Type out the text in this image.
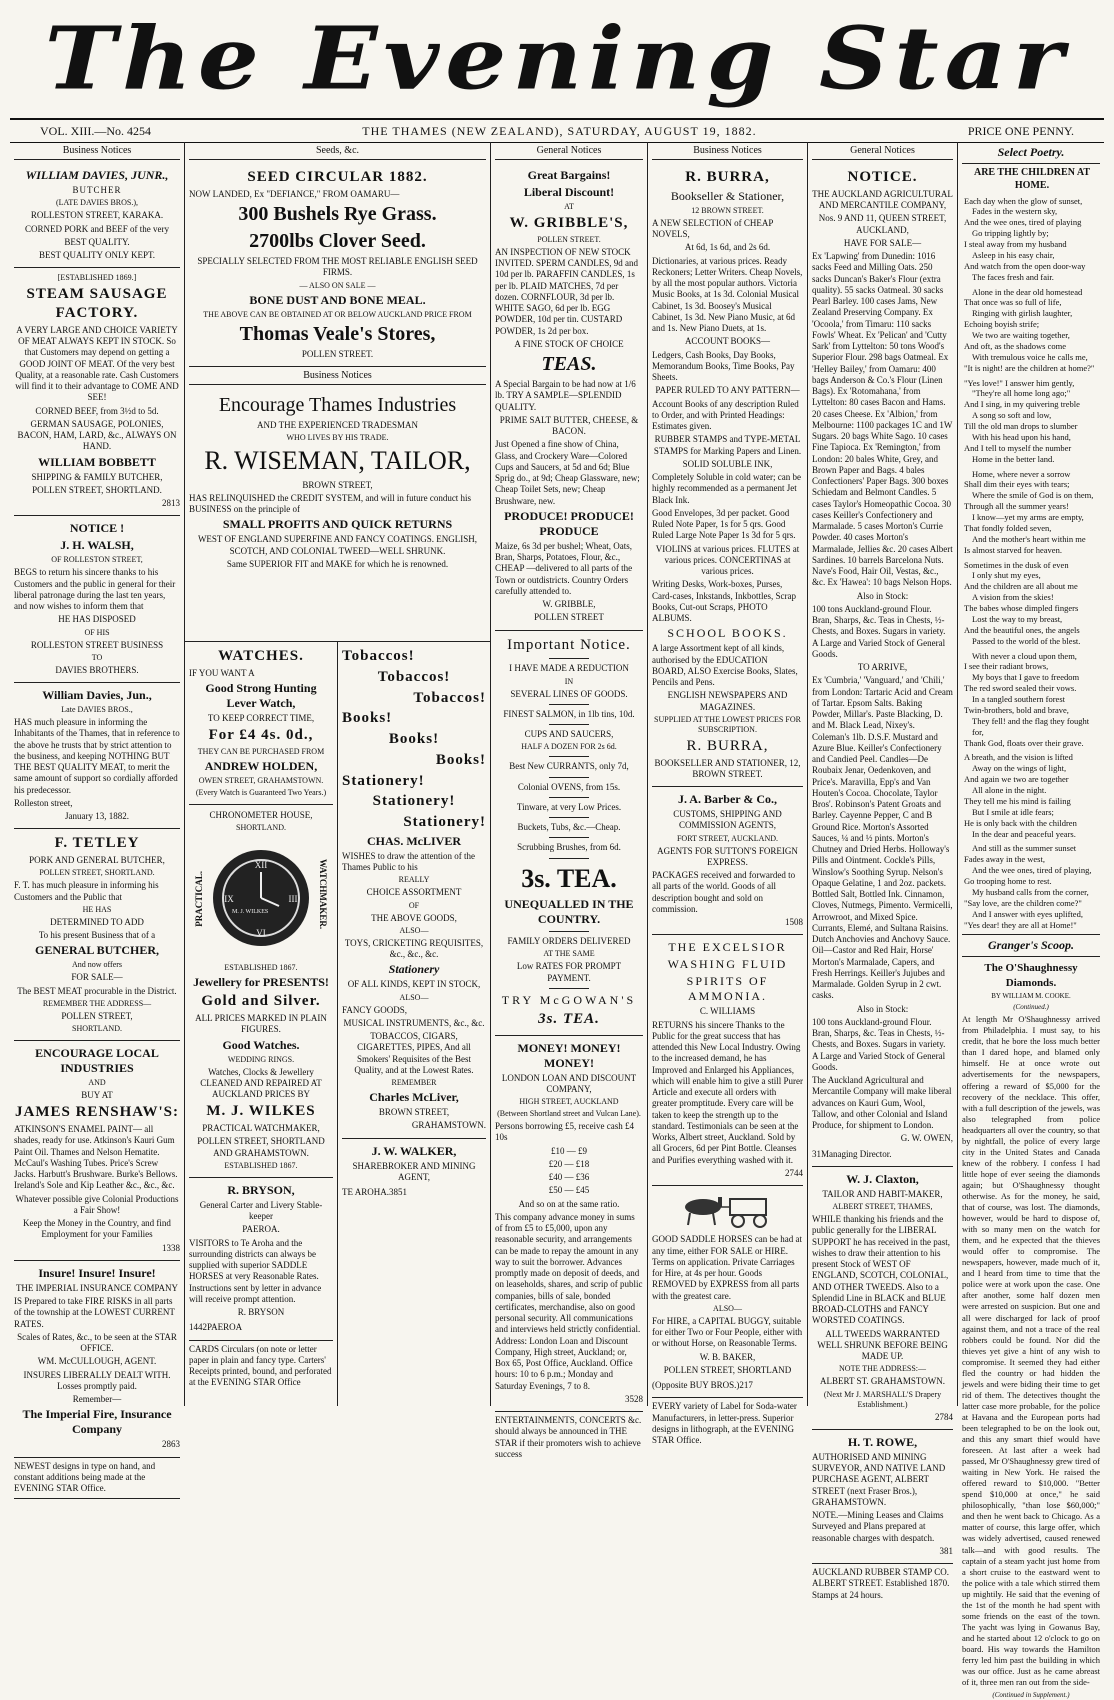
The Evening Star
VOL. XIII.—No. 4254	THE THAMES (NEW ZEALAND), SATURDAY, AUGUST 19, 1882.	PRICE ONE PENNY.
Business Notices

WILLIAM DAVIES, JUNR.,

BUTCHER

(LATE DAVIES BROS.),

ROLLESTON STREET, KARAKA.

CORNED PORK and BEEF of the very

BEST QUALITY.

BEST QUALITY ONLY KEPT.

[ESTABLISHED 1869.]

STEAM SAUSAGE FACTORY.

A VERY LARGE AND CHOICE VARIETY OF MEAT ALWAYS KEPT IN STOCK. So that Customers may depend on getting a GOOD JOINT OF MEAT. Of the very best Quality, at a reasonable rate. Cash Customers will find it to their advantage to COME AND SEE!

CORNED BEEF, from 3½d to 5d.

GERMAN SAUSAGE, POLONIES, BACON, HAM, LARD, &c., ALWAYS ON HAND.

WILLIAM BOBBETT

SHIPPING & FAMILY BUTCHER,

POLLEN STREET, SHORTLAND.

2813

NOTICE !

J. H. WALSH,

OF ROLLESTON STREET,

BEGS to return his sincere thanks to his Customers and the public in general for their liberal patronage during the last ten years, and now wishes to inform them that

HE HAS DISPOSED

OF HIS

ROLLESTON STREET BUSINESS

TO

DAVIES BROTHERS.

William Davies, Jun.,

Late DAVIES BROS.,

HAS much pleasure in informing the Inhabitants of the Thames, that in reference to the above he trusts that by strict attention to the business, and keeping NOTHING BUT THE BEST QUALITY MEAT, to merit the same amount of support so cordially afforded his predecessor.

Rolleston street,

January 13, 1882.

F. TETLEY

PORK AND GENERAL BUTCHER,

POLLEN STREET, SHORTLAND.

F. T. has much pleasure in informing his Customers and the Public that

HE HAS

DETERMINED TO ADD

To his present Business that of a

GENERAL BUTCHER,

And now offers

FOR SALE—

The BEST MEAT procurable in the District.

REMEMBER THE ADDRESS—

POLLEN STREET,

SHORTLAND.

ENCOURAGE LOCAL INDUSTRIES

AND

BUY AT

JAMES RENSHAW'S:

ATKINSON'S ENAMEL PAINT— all shades, ready for use. Atkinson's Kauri Gum Paint Oil. Thames and Nelson Hematite. McCaul's Washing Tubes. Price's Screw Jacks. Harbutt's Brushware. Burke's Bellows. Ireland's Sole and Kip Leather &c., &c., &c.

Whatever possible give Colonial Productions a Fair Show!

Keep the Money in the Country, and find Employment for your Families

1338

Insure! Insure! Insure!

THE IMPERIAL INSURANCE COMPANY

IS Prepared to take FIRE RISKS in all parts of the township at the LOWEST CURRENT RATES.

Scales of Rates, &c., to be seen at the STAR OFFICE.

WM. McCULLOUGH, AGENT.

INSURES LIBERALLY DEALT WITH. Losses promptly paid.

Remember—

The Imperial Fire, Insurance Company

2863

NEWEST designs in type on hand, and constant additions being made at the EVENING STAR Office.
Seeds, &c.

SEED CIRCULAR 1882.

NOW LANDED, Ex "DEFIANCE," FROM OAMARU—

300 Bushels Rye Grass.

2700lbs Clover Seed.

SPECIALLY SELECTED FROM THE MOST RELIABLE ENGLISH SEED FIRMS.

— ALSO ON SALE —

BONE DUST AND BONE MEAL.

THE ABOVE CAN BE OBTAINED AT OR BELOW AUCKLAND PRICE FROM

Thomas Veale's Stores,

POLLEN STREET.

Business Notices

Encourage Thames Industries

AND THE EXPERIENCED TRADESMAN

WHO LIVES BY HIS TRADE.

R. WISEMAN, TAILOR,

BROWN STREET,

HAS RELINQUISHED the CREDIT SYSTEM, and will in future conduct his BUSINESS on the principle of

SMALL PROFITS AND QUICK RETURNS

WEST OF ENGLAND SUPERFINE AND FANCY COATINGS. ENGLISH, SCOTCH, AND COLONIAL TWEED—WELL SHRUNK.

Same SUPERIOR FIT and MAKE for which he is renowned.

WATCHES.

IF YOU WANT A

Good Strong Hunting Lever Watch,

TO KEEP CORRECT TIME,

For £4 4s. 0d.,

THEY CAN BE PURCHASED FROM

ANDREW HOLDEN,

OWEN STREET, GRAHAMSTOWN.

(Every Watch is Guaranteed Two Years.)

CHRONOMETER HOUSE,

SHORTLAND.

PRACTICAL.
XII
VI
IX	III
M. J. WILKES	WATCHMAKER.

ESTABLISHED 1867.

Jewellery for PRESENTS!

Gold and Silver.

ALL PRICES MARKED IN PLAIN FIGURES.

Good Watches.

WEDDING RINGS.

Watches, Clocks & Jewellery CLEANED AND REPAIRED AT AUCKLAND PRICES BY

M. J. WILKES

PRACTICAL WATCHMAKER,

POLLEN STREET, SHORTLAND AND GRAHAMSTOWN.

ESTABLISHED 1867.

R. BRYSON,

General Carter and Livery Stable-keeper

PAEROA.

VISITORS to Te Aroha and the surrounding districts can always be supplied with superior SADDLE HORSES at very Reasonable Rates. Instructions sent by letter in advance will receive prompt attention.

R. BRYSON

1442 PAEROA

CARDS Circulars (on note or letter paper in plain and fancy type. Carters' Receipts printed, bound, and perforated at the EVENING STAR Office

Tobaccos!

Tobaccos!

Tobaccos!

Books!

Books!

Books!

Stationery!

Stationery!

Stationery!

CHAS. McLIVER

WISHES to draw the attention of the Thames Public to his

REALLY

CHOICE ASSORTMENT

OF

THE ABOVE GOODS,

ALSO—

TOYS, CRICKETING REQUISITES, &c., &c., &c.

Stationery

OF ALL KINDS, KEPT IN STOCK,

ALSO—

FANCY GOODS,

MUSICAL INSTRUMENTS, &c., &c.

TOBACCOS, CIGARS, CIGARETTES, PIPES, And all Smokers' Requisites of the Best Quality, and at the Lowest Rates.

REMEMBER

Charles McLiver,

BROWN STREET,

GRAHAMSTOWN.

J. W. WALKER,

SHAREBROKER AND MINING AGENT,

TE AROHA. 3851

General Notices

Great Bargains!

Liberal Discount!

AT

W. GRIBBLE'S,

POLLEN STREET.

AN INSPECTION OF NEW STOCK INVITED. SPERM CANDLES, 9d and 10d per lb. PARAFFIN CANDLES, 1s per lb. PLAID MATCHES, 7d per dozen. CORNFLOUR, 3d per lb. WHITE SAGO, 6d per lb. EGG POWDER, 10d per tin. CUSTARD POWDER, 1s 2d per box.

A FINE STOCK OF CHOICE

TEAS.

A Special Bargain to be had now at 1/6 lb. TRY A SAMPLE—SPLENDID QUALITY.

PRIME SALT BUTTER, CHEESE, & BACON.

Just Opened a fine show of China, Glass, and Crockery Ware—Colored Cups and Saucers, at 5d and 6d; Blue Sprig do., at 9d; Cheap Glassware, new; Cheap Toilet Sets, new; Cheap Brushware, new.

PRODUCE! PRODUCE! PRODUCE

Maize, 6s 3d per bushel; Wheat, Oats, Bran, Sharps, Potatoes, Flour, &c., CHEAP —delivered to all parts of the Town or outdistricts. Country Orders carefully attended to.

W. GRIBBLE,

POLLEN STREET

Important Notice.

I HAVE MADE A REDUCTION

IN

SEVERAL LINES OF GOODS.

FINEST SALMON, in 1lb tins, 10d.

CUPS AND SAUCERS,

HALF A DOZEN FOR 2s 6d.

Best New CURRANTS, only 7d,

Colonial OVENS, from 15s.

Tinware, at very Low Prices.

Buckets, Tubs, &c.—Cheap.

Scrubbing Brushes, from 6d.

3s. TEA.

UNEQUALLED IN THE COUNTRY.

FAMILY ORDERS DELIVERED

AT THE SAME

Low RATES FOR PROMPT PAYMENT.

TRY McGOWAN'S

3s. TEA.

MONEY! MONEY! MONEY!

LONDON LOAN AND DISCOUNT COMPANY,

HIGH STREET, AUCKLAND

(Between Shortland street and Vulcan Lane).

Persons borrowing £5, receive cash £4 10s

£10 — £9

£20 — £18

£40 — £36

£50 — £45

And so on at the same ratio.

This company advance money in sums of from £5 to £5,000, upon any reasonable security, and arrangements can be made to repay the amount in any way to suit the borrower. Advances promptly made on deposit of deeds, and on leaseholds, shares, and scrip of public companies, bills of sale, bonded certificates, merchandise, also on good personal security. All communications and interviews held strictly confidential. Address: London Loan and Discount Company, High street, Auckland; or, Box 65, Post Office, Auckland. Office hours: 10 to 6 p.m.; Monday and Saturday Evenings, 7 to 8.

3528

ENTERTAINMENTS, CONCERTS &c. should always be announced in THE STAR if their promoters wish to achieve success
Business Notices

R. BURRA,

Bookseller & Stationer,

12 BROWN STREET.

A NEW SELECTION of CHEAP NOVELS,

At 6d, 1s 6d, and 2s 6d.

Dictionaries, at various prices. Ready Reckoners; Letter Writers. Cheap Novels, by all the most popular authors. Victoria Music Books, at 1s 3d. Colonial Musical Cabinet, 1s 3d. Boosey's Musical Cabinet, 1s 3d. New Piano Music, at 6d and 1s. New Piano Duets, at 1s.

ACCOUNT BOOKS—

Ledgers, Cash Books, Day Books, Memorandum Books, Time Books, Pay Sheets.

PAPER RULED TO ANY PATTERN—

Account Books of any description Ruled to Order, and with Printed Headings: Estimates given.

RUBBER STAMPS and TYPE-METAL STAMPS for Marking Papers and Linen.

SOLID SOLUBLE INK,

Completely Soluble in cold water; can be highly recommended as a permanent Jet Black Ink.

Good Envelopes, 3d per packet. Good Ruled Note Paper, 1s for 5 qrs. Good Ruled Large Note Paper 1s 3d for 5 qrs.

VIOLINS at various prices. FLUTES at various prices. CONCERTINAS at various prices.

Writing Desks, Work-boxes, Purses, Card-cases, Inkstands, Inkbottles, Scrap Books, Cut-out Scraps, PHOTO ALBUMS.

SCHOOL BOOKS.

A large Assortment kept of all kinds, authorised by the EDUCATION BOARD, ALSO Exercise Books, Slates, Pencils and Pens.

ENGLISH NEWSPAPERS AND MAGAZINES.

SUPPLIED AT THE LOWEST PRICES FOR SUBSCRIPTION.

R. BURRA,

BOOKSELLER AND STATIONER, 12, BROWN STREET.

J. A. Barber & Co.,

CUSTOMS, SHIPPING AND COMMISSION AGENTS,

FORT STREET, AUCKLAND.

AGENTS FOR SUTTON'S FOREIGN EXPRESS.

PACKAGES received and forwarded to all parts of the world. Goods of all description bought and sold on commission.

1508

THE EXCELSIOR

WASHING FLUID

SPIRITS OF AMMONIA.

C. WILLIAMS

RETURNS his sincere Thanks to the Public for the great success that has attended this New Local Industry. Owing to the increased demand, he has Improved and Enlarged his Appliances, which will enable him to give a still Purer Article and execute all orders with greater promptitude. Every care will be taken to keep the strength up to the standard. Testimonials can be seen at the Works, Albert street, Auckland. Sold by all Grocers, 6d per Pint Bottle. Cleanses and Purifies everything washed with it.

2744

GOOD SADDLE HORSES can be had at any time, either FOR SALE or HIRE. Terms on application. Private Carriages for Hire, at 4s per hour. Goods REMOVED by EXPRESS from all parts with the greatest care.

ALSO—

For HIRE, a CAPITAL BUGGY, suitable for either Two or Four People, either with or without Horse, on Reasonable Terms.

W. B. BAKER,

POLLEN STREET, SHORTLAND

(Opposite BUY BROS.) 217

EVERY variety of Label for Soda-water Manufacturers, in letter-press. Superior designs in lithograph, at the EVENING STAR Office.
General Notices

NOTICE.

THE AUCKLAND AGRICULTURAL AND MERCANTILE COMPANY,

Nos. 9 AND 11, QUEEN STREET, AUCKLAND,

HAVE FOR SALE—

Ex 'Lapwing' from Dunedin: 1016 sacks Feed and Milling Oats. 250 sacks Duncan's Baker's Flour (extra quality). 55 sacks Oatmeal. 30 sacks Pearl Barley. 100 cases Jams, New Zealand Preserving Company. Ex 'Ocoola,' from Timaru: 110 sacks Fowls' Wheat. Ex 'Pelican' and 'Cutty Sark' from Lyttelton: 50 tons Wood's Superior Flour. 298 bags Oatmeal. Ex 'Helley Bailey,' from Oamaru: 400 bags Anderson & Co.'s Flour (Linen Bags). Ex 'Rotomahana,' from Lyttelton: 80 cases Bacon and Hams. 20 cases Cheese. Ex 'Albion,' from Melbourne: 1100 packages 1C and 1W Sugars. 20 bags White Sago. 10 cases Fine Tapioca. Ex 'Remington,' from London: 20 bales White, Grey, and Brown Paper and Bags. 4 bales Confectioners' Paper Bags. 300 boxes Schiedam and Belmont Candles. 5 cases Taylor's Homeopathic Cocoa. 30 cases Keiller's Confectionery and Marmalade. 5 cases Morton's Currie Powder. 40 cases Morton's Marmalade, Jellies &c. 20 cases Albert Sardines. 10 barrels Barcelona Nuts. Nave's Food, Hair Oil, Vestas, &c., &c. Ex 'Hawea': 10 bags Nelson Hops.

Also in Stock:

100 tons Auckland-ground Flour. Bran, Sharps, &c. Teas in Chests, ½-Chests, and Boxes. Sugars in variety. A Large and Varied Stock of General Goods.

TO ARRIVE,

Ex 'Cumbria,' 'Vanguard,' and 'Chili,' from London: Tartaric Acid and Cream of Tartar. Epsom Salts. Baking Powder, Millar's. Paste Blacking, D. and M. Black Lead, Nixey's. Coleman's 1lb. D.S.F. Mustard and Azure Blue. Keiller's Confectionery and Candied Peel. Candles—De Roubaix Jenar, Oedenkoven, and Price's. Maravilla, Epp's and Van Houten's Cocoa. Chocolate, Taylor Bros'. Robinson's Patent Groats and Barley. Cayenne Pepper, C and B Ground Rice. Morton's Assorted Sauces, ¼ and ½ pints. Morton's Chutney and Dried Herbs. Holloway's Pills and Ointment. Cockle's Pills, Winslow's Soothing Syrup. Nelson's Opaque Gelatine, 1 and 2oz. packets. Bottled Salt, Bottled Ink. Cinnamon, Cloves, Nutmegs, Pimento. Vermicelli, Arrowroot, and Mixed Spice. Currants, Elemé, and Sultana Raisins. Dutch Anchovies and Anchovy Sauce. Oil—Castor and Red Hair, Horse' Morton's Marmalade, Capers, and Fresh Herrings. Keiller's Jujubes and Marmalade. Golden Syrup in 2 cwt. casks.

Also in Stock:

100 tons Auckland-ground Flour. Bran, Sharps, &c. Teas in Chests, ½-Chests, and Boxes. Sugars in variety. A Large and Varied Stock of General Goods.

The Auckland Agricultural and Mercantile Company will make liberal advances on Kauri Gum, Wool, Tallow, and other Colonial and Island Produce, for shipment to London.

G. W. OWEN,

31 Managing Director.

W. J. Claxton,

TAILOR AND HABIT-MAKER,

ALBERT STREET, THAMES,

WHILE thanking his friends and the public generally for the LIBERAL SUPPORT he has received in the past, wishes to draw their attention to his present Stock of WEST OF ENGLAND, SCOTCH, COLONIAL, AND OTHER TWEEDS. Also to a Splendid Line in BLACK and BLUE BROAD-CLOTHS and FANCY WORSTED COATINGS.

ALL TWEEDS WARRANTED WELL SHRUNK BEFORE BEING MADE UP.

NOTE THE ADDRESS:—

ALBERT ST. GRAHAMSTOWN.

(Next Mr J. MARSHALL'S Drapery Establishment.)

2784

H. T. ROWE,

AUTHORISED AND MINING SURVEYOR, AND NATIVE LAND PURCHASE AGENT, ALBERT STREET (next Fraser Bros.), GRAHAMSTOWN.

NOTE.—Mining Leases and Claims Surveyed and Plans prepared at reasonable charges with despatch.

381

AUCKLAND RUBBER STAMP CO. ALBERT STREET. Established 1870. Stamps at 24 hours.
Select Poetry.
ARE THE CHILDREN AT HOME.
Each day when the glow of sunset,
Fades in the western sky,
And the wee ones, tired of playing
Go tripping lightly by;
I steal away from my husband
Asleep in his easy chair,
And watch from the open door-way
The faces fresh and fair.
Alone in the dear old homestead
That once was so full of life,
Ringing with girlish laughter,
Echoing boyish strife;
We two are waiting together,
And oft, as the shadows come
With tremulous voice he calls me,
"It is night! are the children at home?"
"Yes love!" I answer him gently,
"They're all home long ago;"
And I sing, in my quivering treble
A song so soft and low,
Till the old man drops to slumber
With his head upon his hand,
And I tell to myself the number
Home in the better land.
Home, where never a sorrow
Shall dim their eyes with tears;
Where the smile of God is on them,
Through all the summer years!
I know—yet my arms are empty,
That fondly folded seven,
And the mother's heart within me
Is almost starved for heaven.
Sometimes in the dusk of even
I only shut my eyes,
And the children are all about me
A vision from the skies!
The babes whose dimpled fingers
Lost the way to my breast,
And the beautiful ones, the angels
Passed to the world of the blest.
With never a cloud upon them,
I see their radiant brows,
My boys that I gave to freedom
The red sword sealed their vows.
In a tangled southern forest
Twin-brothers, bold and brave,
They fell! and the flag they fought for,
Thank God, floats over their grave.
A breath, and the vision is lifted
Away on the wings of light,
And again we two are together
All alone in the night.
They tell me his mind is failing
But I smile at idle fears;
He is only back with the children
In the dear and peaceful years.
And still as the summer sunset
Fades away in the west,
And the wee ones, tired of playing,
Go trooping home to rest.
My husband calls from the corner,
"Say love, are the children come?"
And I answer with eyes uplifted,
"Yes dear! they are all at Home!"
Granger's Scoop.
The O'Shaughnessy Diamonds.
BY WILLIAM M. COOKE.
(Continued.)
At length Mr O'Shaughnessy arrived from Philadelphia. I must say, to his credit, that he bore the loss much better than I dared hope, and blamed only himself. He at once wrote out advertisements for the newspapers, offering a reward of $5,000 for the recovery of the necklace. This offer, with a full description of the jewels, was also telegraphed from police headquarters all over the country, so that by nightfall, the police of every large city in the United States and Canada knew of the robbery. I confess I had little hope of ever seeing the diamonds again; but O'Shaughnessy thought otherwise. As for the money, he said, that of course, was lost. The diamonds, however, would be hard to dispose of, with so many men on the watch for them, and he expected that the thieves would offer to compromise. The newspapers, however, made much of it, and I heard from time to time that the police were at work upon the case. One after another, some half dozen men were arrested on suspicion. But one and all were discharged for lack of proof against them, and not a trace of the real robbers could be found. Nor did the thieves yet give a hint of any wish to compromise. It seemed they had either fled the country or had hidden the jewels and were biding their time to get rid of them. The detectives thought the latter case more probable, for the police at Havana and the European ports had been telegraphed to be on the look out, and this any smart thief would have foreseen. At last after a week had passed, Mr O'Shaughnessy grew tired of waiting in New York. He raised the offered reward to $10,000. "Better spend $10,000 at once," he said philosophically, "than lose $60,000;" and then he went back to Chicago. As a matter of course, this large offer, which was widely advertised, caused renewed talk—and with good results. The captain of a steam yacht just home from a short cruise to the eastward went to the police with a tale which stirred them up mightily. He said that the evening of the 1st of the month he had spent with some friends on the east of the town. The yacht was lying in Gowanus Bay, and he started about 12 o'clock to go on board. His way towards the Hamilton ferry led him past the building in which was our office. Just as he came abreast of it, three men ran out from the side-
(Continued in Supplement.)
